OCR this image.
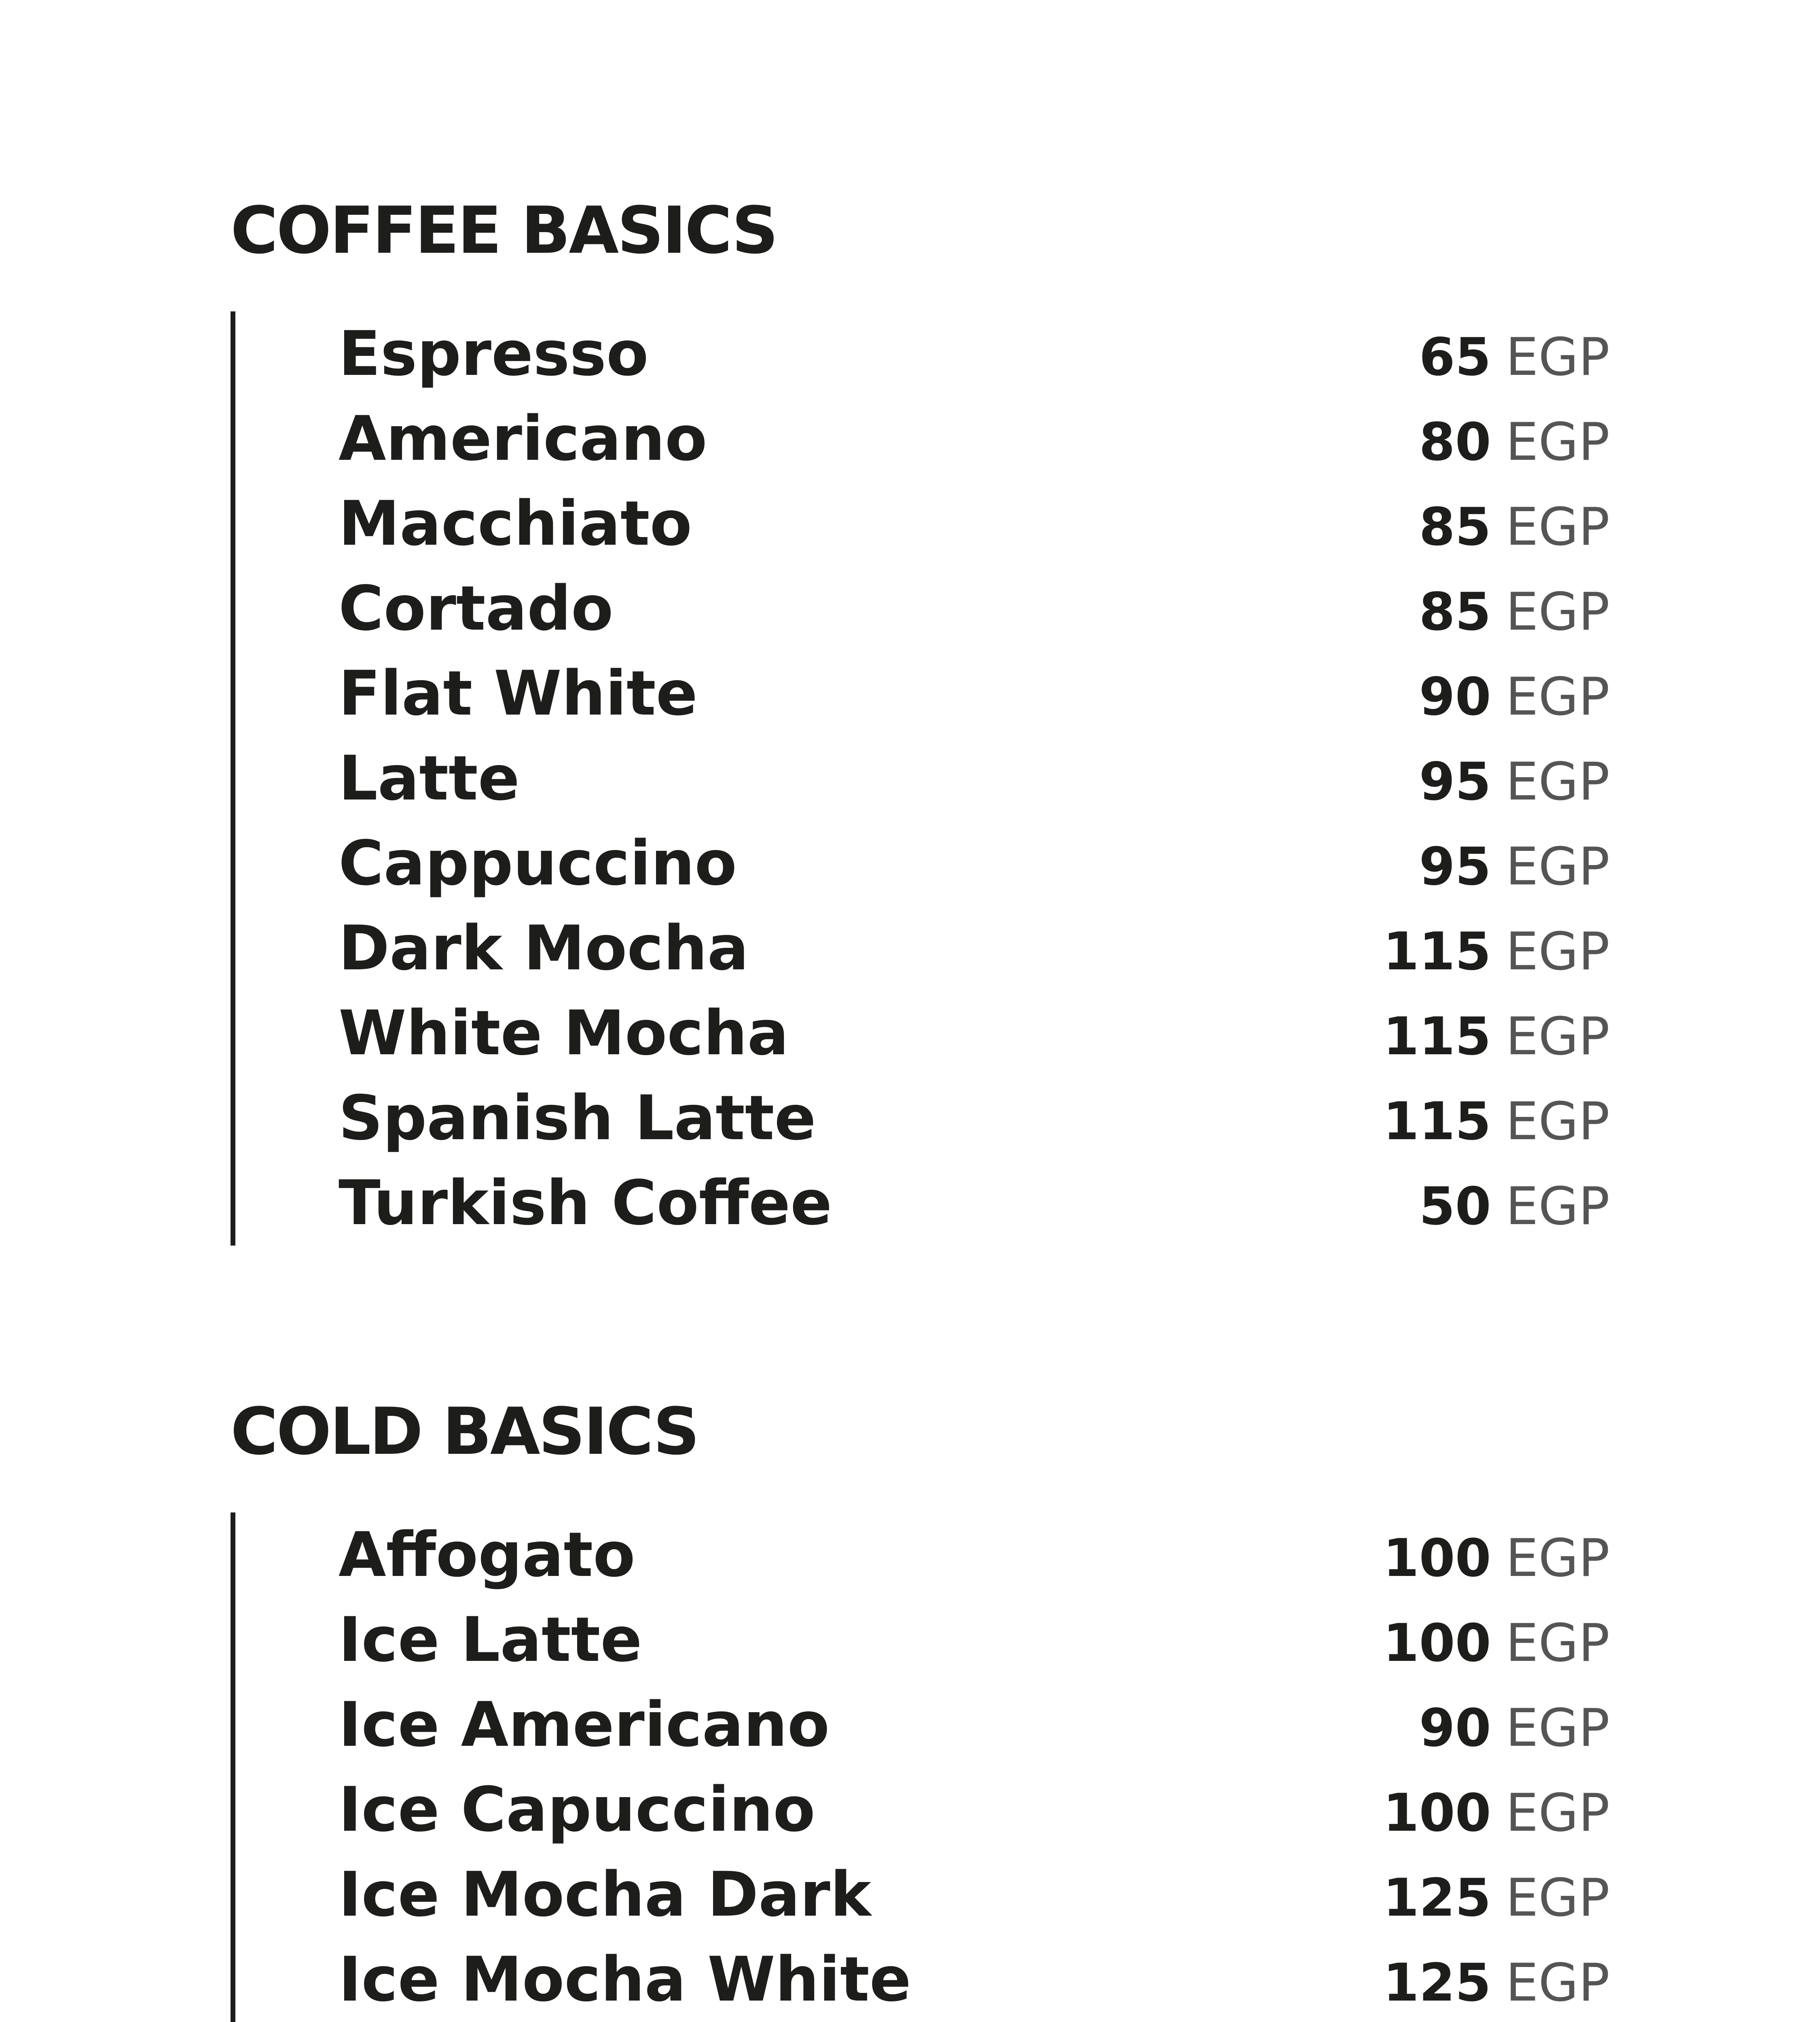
COFFEE BASICS
Espresso	65 EGP
Americano	80 EGP
Macchiato	85 EGP
Cortado	85 EGP
Flat White	90 EGP
Latte	95 EGP
Cappuccino	95 EGP
Dark Mocha	115 EGP
White Mocha	115 EGP
Spanish Latte	115 EGP
Turkish Coffee	50 EGP
COLD BASICS
Affogato	100 EGP
Ice Latte	100 EGP
Ice Americano	90 EGP
Ice Capuccino	100 EGP
Ice Mocha Dark	125 EGP
Ice Mocha White	125 EGP
